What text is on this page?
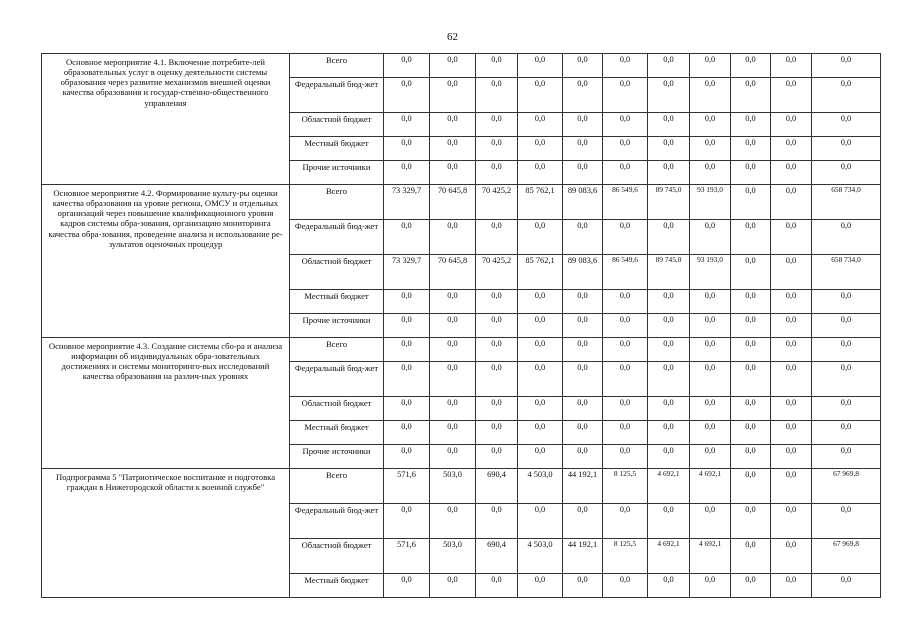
62
Основное мероприятие 4.1. Включение потребите-лей образовательных услуг в оценку деятельности системы образования через развитие механизмов внешней оценки качества образования и государ-ственно-общественного управления	Всего	0,0	0,0	0,0	0,0	0,0	0,0	0,0	0,0	0,0	0,0	0,0
	Федеральный бюд-жет	0,0	0,0	0,0	0,0	0,0	0,0	0,0	0,0	0,0	0,0	0,0
	Областной бюджет	0,0	0,0	0,0	0,0	0,0	0,0	0,0	0,0	0,0	0,0	0,0
	Местный бюджет	0,0	0,0	0,0	0,0	0,0	0,0	0,0	0,0	0,0	0,0	0,0
	Прочие источники	0,0	0,0	0,0	0,0	0,0	0,0	0,0	0,0	0,0	0,0	0,0
Основное мероприятие 4.2. Формирование культу-ры оценки качества образования на уровне региона, ОМСУ и отдельных организаций через повышение квалификационного уровня кадров системы обра-зования, организацию мониторинга качества обра-зования, проведение анализа и использование ре-зультатов оценочных процедур	Всего	73 329,7	70 645,8	70 425,2	85 762,1	89 083,6	86 549,6	89 745,0	93 193,0	0,0	0,0	658 734,0
	Федеральный бюд-жет	0,0	0,0	0,0	0,0	0,0	0,0	0,0	0,0	0,0	0,0	0,0
	Областной бюджет	73 329,7	70 645,8	70 425,2	85 762,1	89 083,6	86 549,6	89 745,0	93 193,0	0,0	0,0	658 734,0
	Местный бюджет	0,0	0,0	0,0	0,0	0,0	0,0	0,0	0,0	0,0	0,0	0,0
	Прочие источники	0,0	0,0	0,0	0,0	0,0	0,0	0,0	0,0	0,0	0,0	0,0
Основное мероприятие 4.3. Создание системы сбо-ра и анализа информации об индивидуальных обра-зовательных достижениях и системы мониторинго-вых исследований качества образования на различ-ных уровнях	Всего	0,0	0,0	0,0	0,0	0,0	0,0	0,0	0,0	0,0	0,0	0,0
	Федеральный бюд-жет	0,0	0,0	0,0	0,0	0,0	0,0	0,0	0,0	0,0	0,0	0,0
	Областной бюджет	0,0	0,0	0,0	0,0	0,0	0,0	0,0	0,0	0,0	0,0	0,0
	Местный бюджет	0,0	0,0	0,0	0,0	0,0	0,0	0,0	0,0	0,0	0,0	0,0
	Прочие источники	0,0	0,0	0,0	0,0	0,0	0,0	0,0	0,0	0,0	0,0	0,0
Подпрограмма 5 "Патриотическое воспитание и подготовка граждан в Нижегородской области к военной службе"	Всего	571,6	503,0	690,4	4 503,0	44 192,1	8 125,5	4 692,1	4 692,1	0,0	0,0	67 969,8
	Федеральный бюд-жет	0,0	0,0	0,0	0,0	0,0	0,0	0,0	0,0	0,0	0,0	0,0
	Областной бюджет	571,6	503,0	690,4	4 503,0	44 192,1	8 125,5	4 692,1	4 692,1	0,0	0,0	67 969,8
	Местный бюджет	0,0	0,0	0,0	0,0	0,0	0,0	0,0	0,0	0,0	0,0	0,0
